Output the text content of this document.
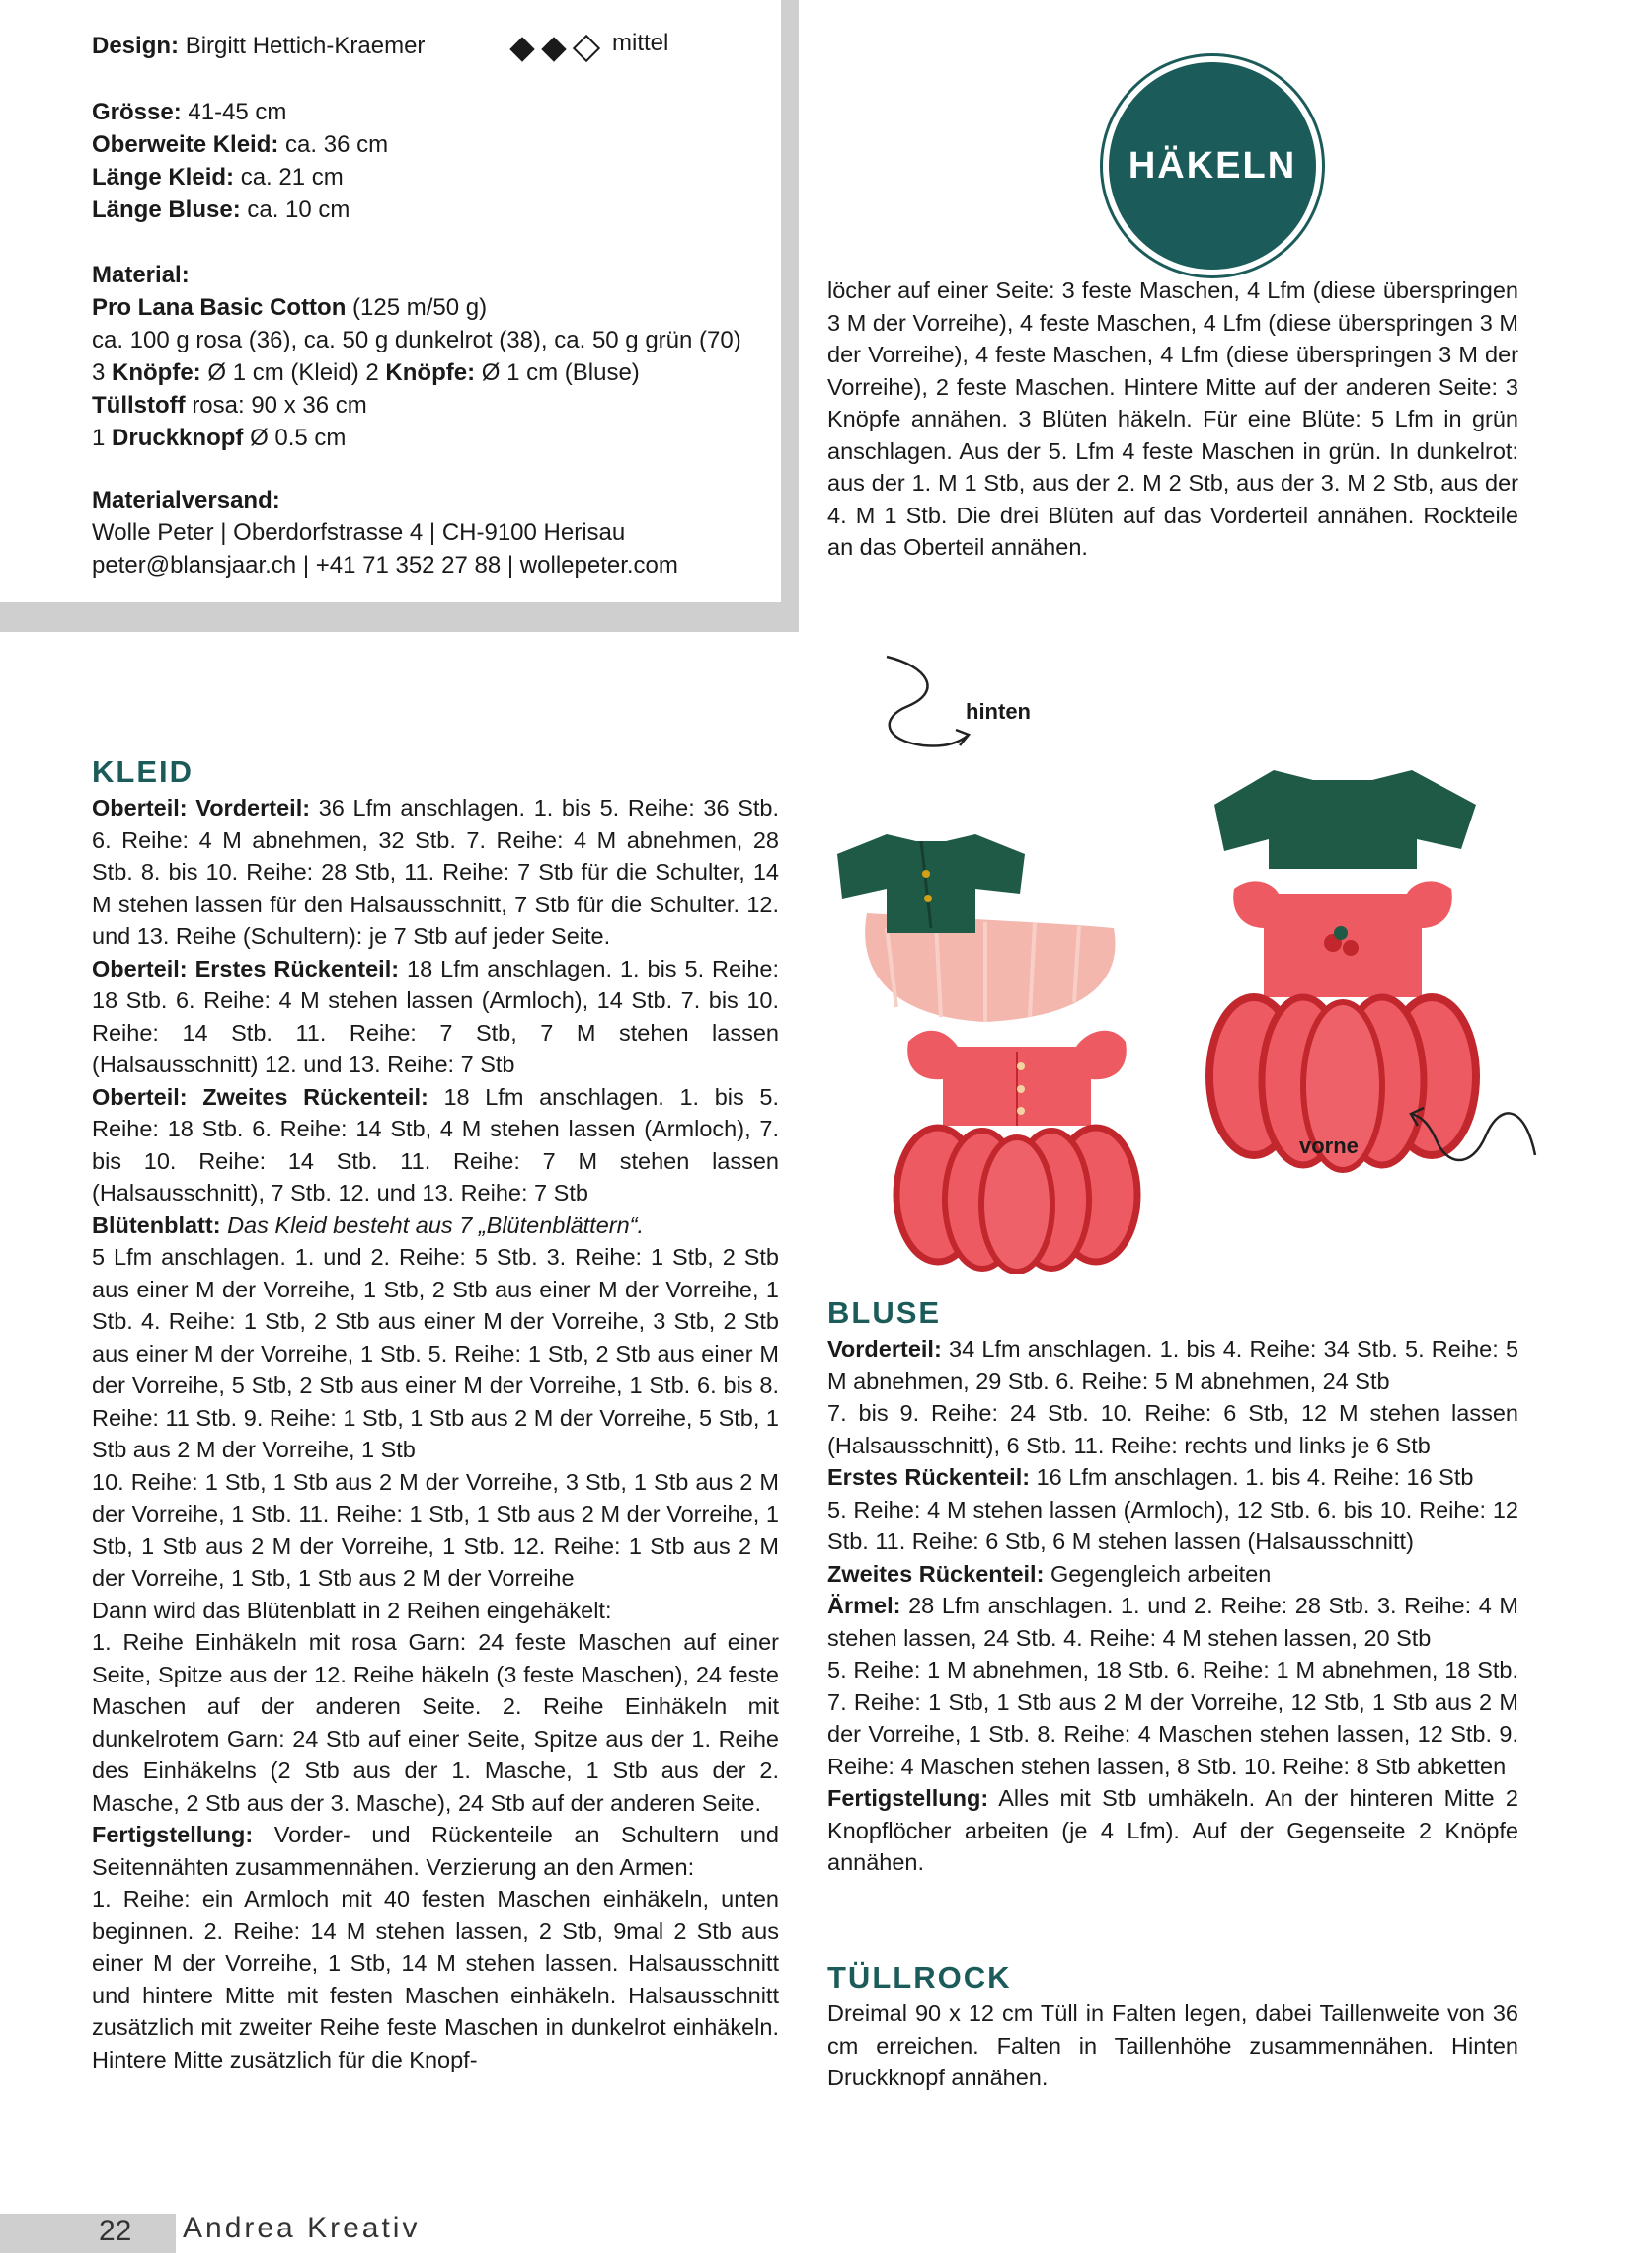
Design: Birgitt Hettich-Kraemer	mittel
Grösse: 41-45 cm
Oberweite Kleid: ca. 36 cm
Länge Kleid: ca. 21 cm
Länge Bluse: ca. 10 cm
Material:
Pro Lana Basic Cotton (125 m/50 g)
ca. 100 g rosa (36), ca. 50 g dunkelrot (38), ca. 50 g grün (70)
3 Knöpfe: Ø 1 cm (Kleid) 2 Knöpfe: Ø 1 cm (Bluse)
Tüllstoff rosa: 90 x 36 cm
1 Druckknopf Ø 0.5 cm
Materialversand:
Wolle Peter | Oberdorfstrasse 4 | CH-9100 Herisau
peter@blansjaar.ch | +41 71 352 27 88 | wollepeter.com
HÄKELN
löcher auf einer Seite: 3 feste Maschen, 4 Lfm (diese überspringen 3 M der Vorreihe), 4 feste Maschen, 4 Lfm (diese überspringen 3 M der Vorreihe), 4 feste Maschen, 4 Lfm (diese überspringen 3 M der Vorreihe), 2 feste Maschen. Hintere Mitte auf der anderen Seite: 3 Knöpfe annähen. 3 Blüten häkeln. Für eine Blüte: 5 Lfm in grün anschlagen. Aus der 5. Lfm 4 feste Maschen in grün. In dunkelrot: aus der 1. M 1 Stb, aus der 2. M 2 Stb, aus der 3. M 2 Stb, aus der 4. M 1 Stb. Die drei Blüten auf das Vorderteil annähen. Rockteile an das Oberteil annähen.
hinten
vorne
KLEID
Oberteil: Vorderteil: 36 Lfm anschlagen. 1. bis 5. Reihe: 36 Stb. 6. Reihe: 4 M abnehmen, 32 Stb. 7. Reihe: 4 M abnehmen, 28 Stb. 8. bis 10. Reihe: 28 Stb, 11. Reihe: 7 Stb für die Schulter, 14 M stehen lassen für den Halsausschnitt, 7 Stb für die Schulter. 12. und 13. Reihe (Schultern): je 7 Stb auf jeder Seite.
Oberteil: Erstes Rückenteil: 18 Lfm anschlagen. 1. bis 5. Reihe: 18 Stb. 6. Reihe: 4 M stehen lassen (Armloch), 14 Stb. 7. bis 10. Reihe: 14 Stb. 11. Reihe: 7 Stb, 7 M stehen lassen (Halsausschnitt) 12. und 13. Reihe: 7 Stb
Oberteil: Zweites Rückenteil: 18 Lfm anschlagen. 1. bis 5. Reihe: 18 Stb. 6. Reihe: 14 Stb, 4 M stehen lassen (Armloch), 7. bis 10. Reihe: 14 Stb. 11. Reihe: 7 M stehen lassen (Halsausschnitt), 7 Stb. 12. und 13. Reihe: 7 Stb
Blütenblatt: Das Kleid besteht aus 7 „Blütenblättern“.
5 Lfm anschlagen. 1. und 2. Reihe: 5 Stb. 3. Reihe: 1 Stb, 2 Stb aus einer M der Vorreihe, 1 Stb, 2 Stb aus einer M der Vorreihe, 1 Stb. 4. Reihe: 1 Stb, 2 Stb aus einer M der Vorreihe, 3 Stb, 2 Stb aus einer M der Vorreihe, 1 Stb. 5. Reihe: 1 Stb, 2 Stb aus einer M der Vorreihe, 5 Stb, 2 Stb aus einer M der Vorreihe, 1 Stb. 6. bis 8. Reihe: 11 Stb. 9. Reihe: 1 Stb, 1 Stb aus 2 M der Vorreihe, 5 Stb, 1 Stb aus 2 M der Vorreihe, 1 Stb
10. Reihe: 1 Stb, 1 Stb aus 2 M der Vorreihe, 3 Stb, 1 Stb aus 2 M der Vorreihe, 1 Stb. 11. Reihe: 1 Stb, 1 Stb aus 2 M der Vorreihe, 1 Stb, 1 Stb aus 2 M der Vorreihe, 1 Stb. 12. Reihe: 1 Stb aus 2 M der Vorreihe, 1 Stb, 1 Stb aus 2 M der Vorreihe
Dann wird das Blütenblatt in 2 Reihen eingehäkelt:
1. Reihe Einhäkeln mit rosa Garn: 24 feste Maschen auf einer Seite, Spitze aus der 12. Reihe häkeln (3 feste Maschen), 24 feste Maschen auf der anderen Seite. 2. Reihe Einhäkeln mit dunkelrotem Garn: 24 Stb auf einer Seite, Spitze aus der 1. Reihe des Einhäkelns (2 Stb aus der 1. Masche, 1 Stb aus der 2. Masche, 2 Stb aus der 3. Masche), 24 Stb auf der anderen Seite.
Fertigstellung: Vorder- und Rückenteile an Schultern und Seitennähten zusammennähen. Verzierung an den Armen:
1. Reihe: ein Armloch mit 40 festen Maschen einhäkeln, unten beginnen. 2. Reihe: 14 M stehen lassen, 2 Stb, 9mal 2 Stb aus einer M der Vorreihe, 1 Stb, 14 M stehen lassen. Halsausschnitt und hintere Mitte mit festen Maschen einhäkeln. Halsausschnitt zusätzlich mit zweiter Reihe feste Maschen in dunkelrot einhäkeln. Hintere Mitte zusätzlich für die Knopf-
BLUSE
Vorderteil: 34 Lfm anschlagen. 1. bis 4. Reihe: 34 Stb. 5. Reihe: 5 M abnehmen, 29 Stb. 6. Reihe: 5 M abnehmen, 24 Stb
7. bis 9. Reihe: 24 Stb. 10. Reihe: 6 Stb, 12 M stehen lassen (Halsausschnitt), 6 Stb. 11. Reihe: rechts und links je 6 Stb
Erstes Rückenteil: 16 Lfm anschlagen. 1. bis 4. Reihe: 16 Stb
5. Reihe: 4 M stehen lassen (Armloch), 12 Stb. 6. bis 10. Reihe: 12 Stb. 11. Reihe: 6 Stb, 6 M stehen lassen (Halsausschnitt)
Zweites Rückenteil: Gegengleich arbeiten
Ärmel: 28 Lfm anschlagen. 1. und 2. Reihe: 28 Stb. 3. Reihe: 4 M stehen lassen, 24 Stb. 4. Reihe: 4 M stehen lassen, 20 Stb
5. Reihe: 1 M abnehmen, 18 Stb. 6. Reihe: 1 M abnehmen, 18 Stb. 7. Reihe: 1 Stb, 1 Stb aus 2 M der Vorreihe, 12 Stb, 1 Stb aus 2 M der Vorreihe, 1 Stb. 8. Reihe: 4 Maschen stehen lassen, 12 Stb. 9. Reihe: 4 Maschen stehen lassen, 8 Stb. 10. Reihe: 8 Stb abketten
Fertigstellung: Alles mit Stb umhäkeln. An der hinteren Mitte 2 Knopflöcher arbeiten (je 4 Lfm). Auf der Gegenseite 2 Knöpfe annähen.
TÜLLROCK
Dreimal 90 x 12 cm Tüll in Falten legen, dabei Taillenweite von 36 cm erreichen. Falten in Taillenhöhe zusammennähen. Hinten Druckknopf annähen.
22 Andrea Kreativ
